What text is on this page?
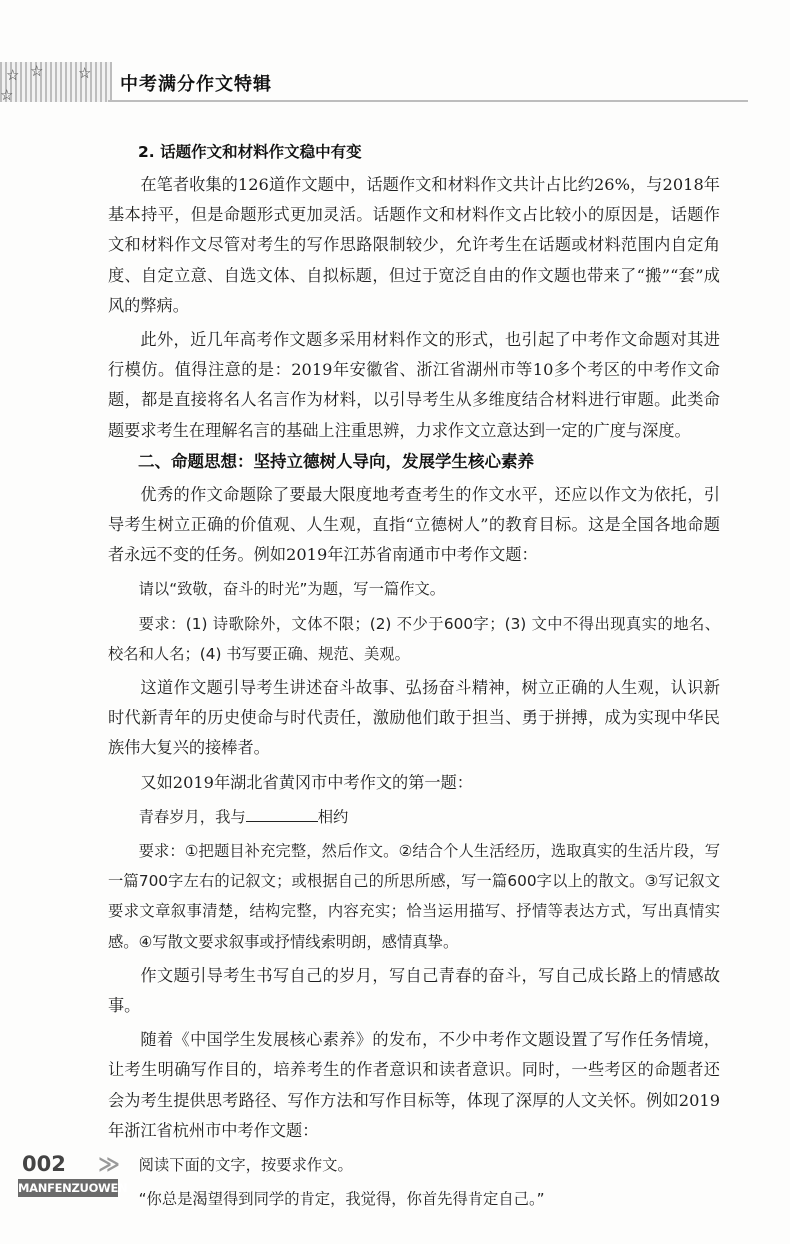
☆ ☆
☆
☆
中考满分作文特辑
2. 话题作文和材料作文稳中有变

在笔者收集的126道作文题中，话题作文和材料作文共计占比约26%，与2018年基本持平，但是命题形式更加灵活。话题作文和材料作文占比较小的原因是，话题作文和材料作文尽管对考生的写作思路限制较少，允许考生在话题或材料范围内自定角度、自定立意、自选文体、自拟标题，但过于宽泛自由的作文题也带来了“搬”“套”成风的弊病。

此外，近几年高考作文题多采用材料作文的形式，也引起了中考作文命题对其进行模仿。值得注意的是：2019年安徽省、浙江省湖州市等10多个考区的中考作文命题，都是直接将名人名言作为材料，以引导考生从多维度结合材料进行审题。此类命题要求考生在理解名言的基础上注重思辨，力求作文立意达到一定的广度与深度。

二、命题思想：坚持立德树人导向，发展学生核心素养

优秀的作文命题除了要最大限度地考查考生的作文水平，还应以作文为依托，引导考生树立正确的价值观、人生观，直指“立德树人”的教育目标。这是全国各地命题者永远不变的任务。例如2019年江苏省南通市中考作文题：

请以“致敬，奋斗的时光”为题，写一篇作文。

要求：(1) 诗歌除外，文体不限；(2) 不少于600字；(3) 文中不得出现真实的地名、校名和人名；(4) 书写要正确、规范、美观。

这道作文题引导考生讲述奋斗故事、弘扬奋斗精神，树立正确的人生观，认识新时代新青年的历史使命与时代责任，激励他们敢于担当、勇于拼搏，成为实现中华民族伟大复兴的接棒者。

又如2019年湖北省黄冈市中考作文的第一题：

青春岁月，我与	相约

要求：①把题目补充完整，然后作文。②结合个人生活经历，选取真实的生活片段，写一篇700字左右的记叙文；或根据自己的所思所感，写一篇600字以上的散文。③写记叙文要求文章叙事清楚，结构完整，内容充实；恰当运用描写、抒情等表达方式，写出真情实感。④写散文要求叙事或抒情线索明朗，感情真挚。

作文题引导考生书写自己的岁月，写自己青春的奋斗，写自己成长路上的情感故事。

随着《中国学生发展核心素养》的发布，不少中考作文题设置了写作任务情境，让考生明确写作目的，培养考生的作者意识和读者意识。同时，一些考区的命题者还会为考生提供思考路径、写作方法和写作目标等，体现了深厚的人文关怀。例如2019年浙江省杭州市中考作文题：

阅读下面的文字，按要求作文。

“你总是渴望得到同学的肯定，我觉得，你首先得肯定自己。”

002 ≫
MANFENZUOWEN
